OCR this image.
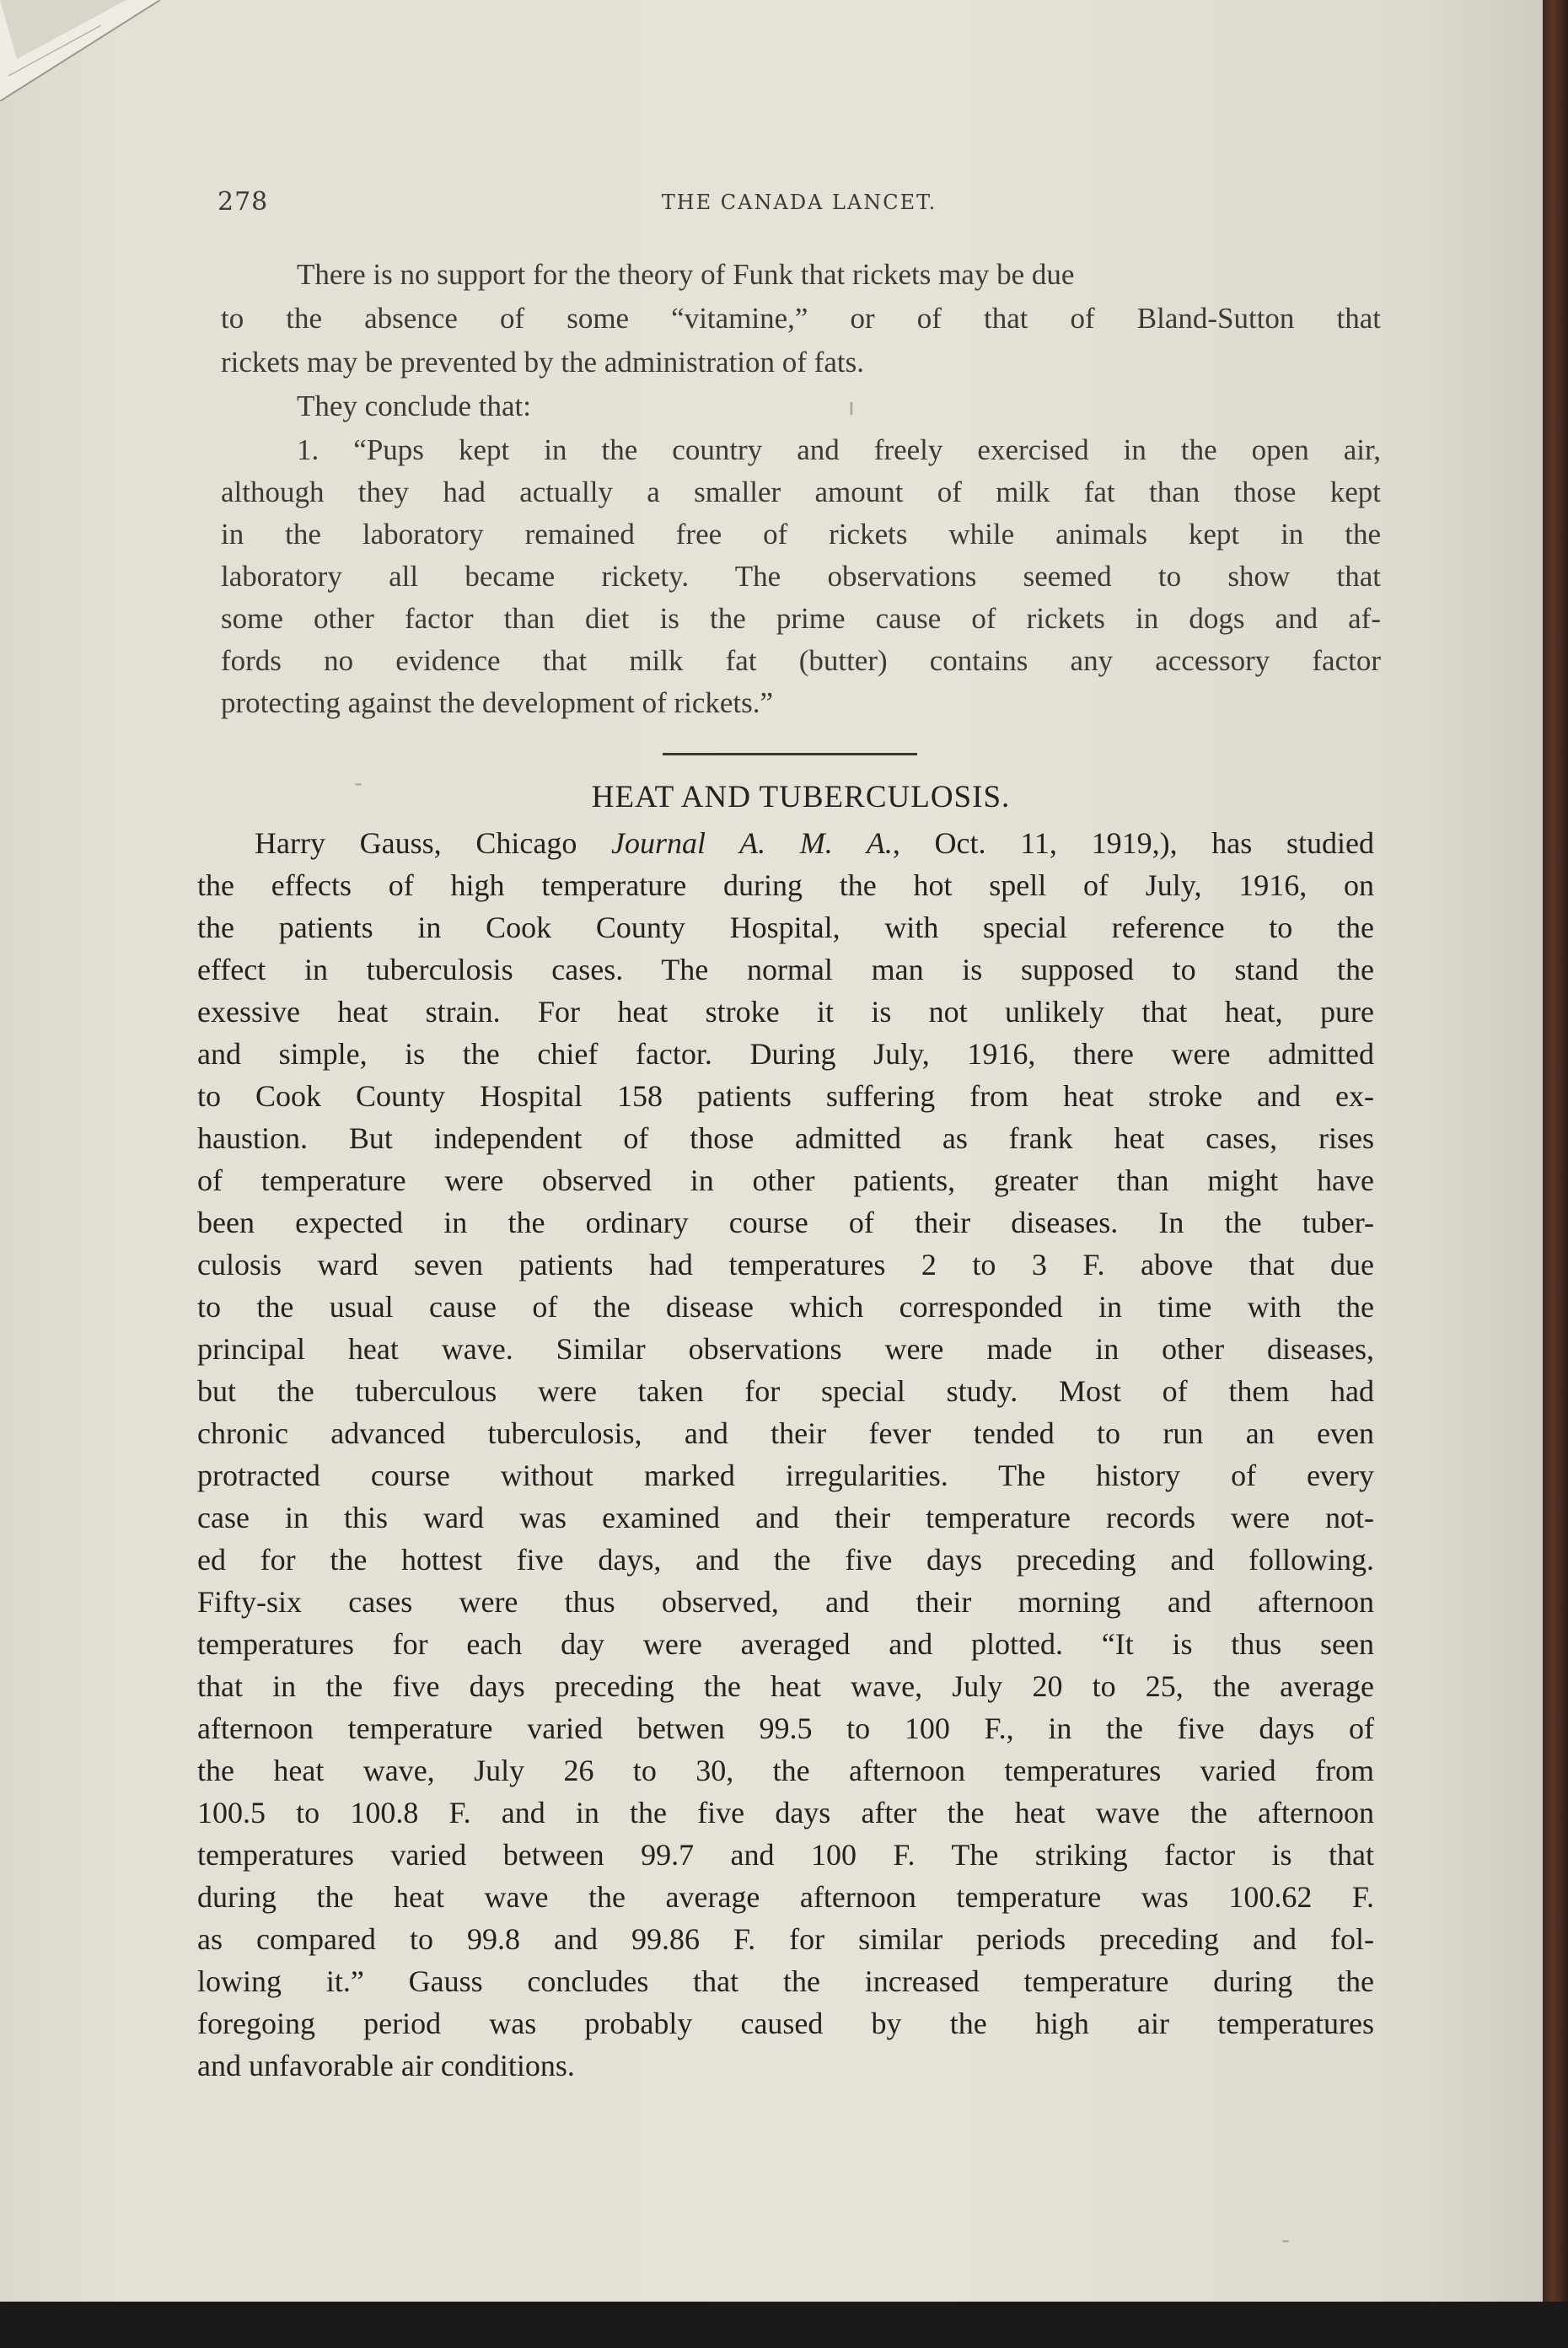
278	THE CANADA LANCET.
There is no support for the theory of Funk that rickets may be due
to the absence of some “vitamine,” or of that of Bland-Sutton that
rickets may be prevented by the administration of fats.
They conclude that:
1. “Pups kept in the country and freely exercised in the open air,
although they had actually a smaller amount of milk fat than those kept
in the laboratory remained free of rickets while animals kept in the
laboratory all became rickety. The observations seemed to show that
some other factor than diet is the prime cause of rickets in dogs and af-
fords no evidence that milk fat (butter) contains any accessory factor
protecting against the development of rickets.”
ı
HEAT AND TUBERCULOSIS.
Harry Gauss, Chicago Journal A. M. A., Oct. 11, 1919,), has studied
the effects of high temperature during the hot spell of July, 1916, on
the patients in Cook County Hospital, with special reference to the
effect in tuberculosis cases. The normal man is supposed to stand the
exessive heat strain. For heat stroke it is not unlikely that heat, pure
and simple, is the chief factor. During July, 1916, there were admitted
to Cook County Hospital 158 patients suffering from heat stroke and ex-
haustion. But independent of those admitted as frank heat cases, rises
of temperature were observed in other patients, greater than might have
been expected in the ordinary course of their diseases. In the tuber-
culosis ward seven patients had temperatures 2 to 3 F. above that due
to the usual cause of the disease which corresponded in time with the
principal heat wave. Similar observations were made in other diseases,
but the tuberculous were taken for special study. Most of them had
chronic advanced tuberculosis, and their fever tended to run an even
protracted course without marked irregularities. The history of every
case in this ward was examined and their temperature records were not-
ed for the hottest five days, and the five days preceding and following.
Fifty-six cases were thus observed, and their morning and afternoon
temperatures for each day were averaged and plotted. “It is thus seen
that in the five days preceding the heat wave, July 20 to 25, the average
afternoon temperature varied betwen 99.5 to 100 F., in the five days of
the heat wave, July 26 to 30, the afternoon temperatures varied from
100.5 to 100.8 F. and in the five days after the heat wave the afternoon
temperatures varied between 99.7 and 100 F. The striking factor is that
during the heat wave the average afternoon temperature was 100.62 F.
as compared to 99.8 and 99.86 F. for similar periods preceding and fol-
lowing it.” Gauss concludes that the increased temperature during the
foregoing period was probably caused by the high air temperatures
and unfavorable air conditions.
-
-
